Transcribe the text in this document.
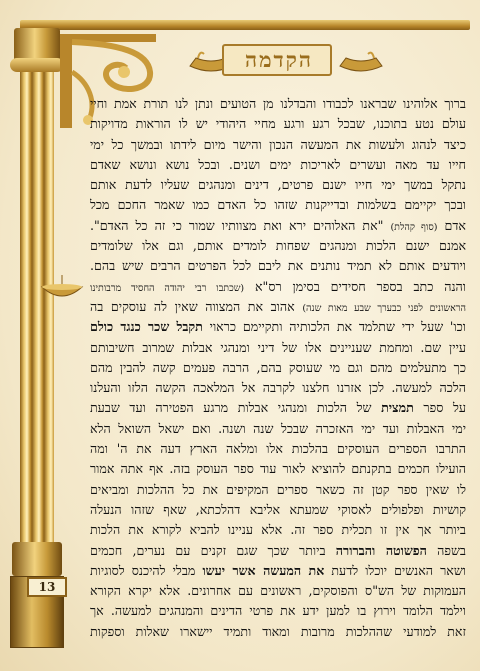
13
הקדמה
ברוך אלוהינו שבראנו לכבודו והבדלנו מן הטועים ונתן לנו תורת אמת וחיי
עולם נטע בתוכנו, שבכל רגע ורגע מחיי היהודי יש לו הוראות מדויקות
כיצד לנהוג ולעשות את המעשה הנכון והישר מיום לידתו ובמשך כל ימי
חייו עד מאה ועשרים לאריכות ימים ושנים. ובכל נושא ונושא שאדם
נתקל במשך ימי חייו ישנם פרטים, דינים ומנהגים שעליו לדעת אותם
ובכך יקיימם בשלמות ובדייקנות שזהו כל האדם כמו שאמר החכם מכל
אדם (סוף קהלת) "את האלוהים ירא ואת מצוותיו שמור כי זה כל האדם".
אמנם ישנם הלכות ומנהגים שפחות לומדים אותם, וגם אלו שלומדים
ויודעים אותם לא תמיד נותנים את ליבם לכל הפרטים הרבים שיש בהם.
והנה כתב בספר חסידים בסימן רס"א (שכתבו רבי יהודה החסיד מרבותינו
הראשונים לפני כבערך שבע מאות שנה) אהוב את המצווה שאין לה עוסקים בה
וכו' שעל ידי שתלמד את הלכותיה ותקיימם כראוי תקבל שכר כנגד כולם
עיין שם. ומחמת שעניינים אלו של דיני ומנהגי אבלות שמרוב חשיבותם
כך מתעלמים מהם וגם מי שעוסק בהם, הרבה פעמים קשה להבין מהם
הלכה למעשה. לכן אזרנו חלצנו לקרבה אל המלאכה הקשה הלזו והעלנו
על ספר תמצית של הלכות ומנהגי אבלות מרגע הפטירה ועד שבעת
ימי האבלות ועד ימי האזכרה שבכל שנה ושנה. ואם ישאל השואל הלא
התרבו הספרים העוסקים בהלכות אלו ומלאה הארץ דעה את ה' ומה
הועילו חכמים בתקנתם להוציא לאור עוד ספר העוסק בזה. אף אתה אמור
לו שאין ספר קטן זה כשאר ספרים המקיפים את כל ההלכות ומביאים
קושיות ופלפולים לאסוקי שמעתא אליבא דהלכתא, שאף שזהו הנעלה
ביותר אך אין זו תכלית ספר זה. אלא עניינו להביא לקורא את הלכות
בשפה הפשוטה והברורה ביותר שכך שגם זקנים עם נערים, חכמים
ושאר האנשים יוכלו לדעת את המעשה אשר יעשו מבלי להיכנס לסוגיות
העמוקות של הש"ס והפוסקים, ראשונים עם אחרונים. אלא יקרא הקורא
וילמד הלומד וירוץ בו למען ידע את פרטי הדינים והמנהגים למעשה. אך
זאת למודעי שההלכות מרובות ומאוד ותמיד יישארו שאלות וספקות
